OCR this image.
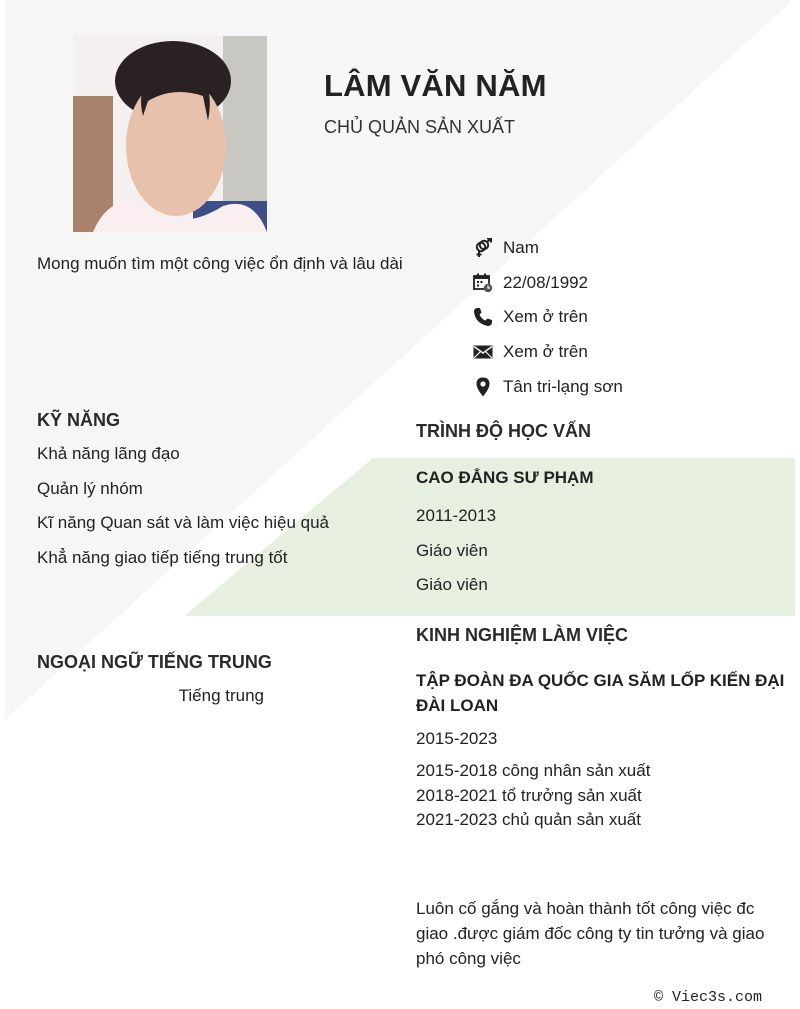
LÂM VĂN NĂM
CHỦ QUẢN SẢN XUẤT
Mong muốn tìm một công việc ổn định và lâu dài
Nam
22/08/1992
Xem ở trên
Xem ở trên
Tân tri-lạng sơn
KỸ NĂNG
Khả năng lãng đạo
Quản lý nhóm
Kĩ năng Quan sát và làm việc hiệu quả
Khẳ năng giao tiếp tiếng trung tốt
TRÌNH ĐỘ HỌC VẤN
CAO ĐẲNG SƯ PHẠM
2011-2013
Giáo viên
Giáo viên
NGOẠI NGỮ TIẾNG TRUNG
Tiếng trung
KINH NGHIỆM LÀM VIỆC
TẬP ĐOÀN ĐA QUỐC GIA SĂM LỐP KIẾN ĐẠI ĐÀI LOAN
2015-2023
2015-2018 công nhân sản xuất
2018-2021 tổ trưởng sản xuất
2021-2023 chủ quản sản xuất
Luôn cố gắng và hoàn thành tốt công việc đc giao .được giám đốc công ty tin tưởng và giao phó công việc
© Viec3s.com
